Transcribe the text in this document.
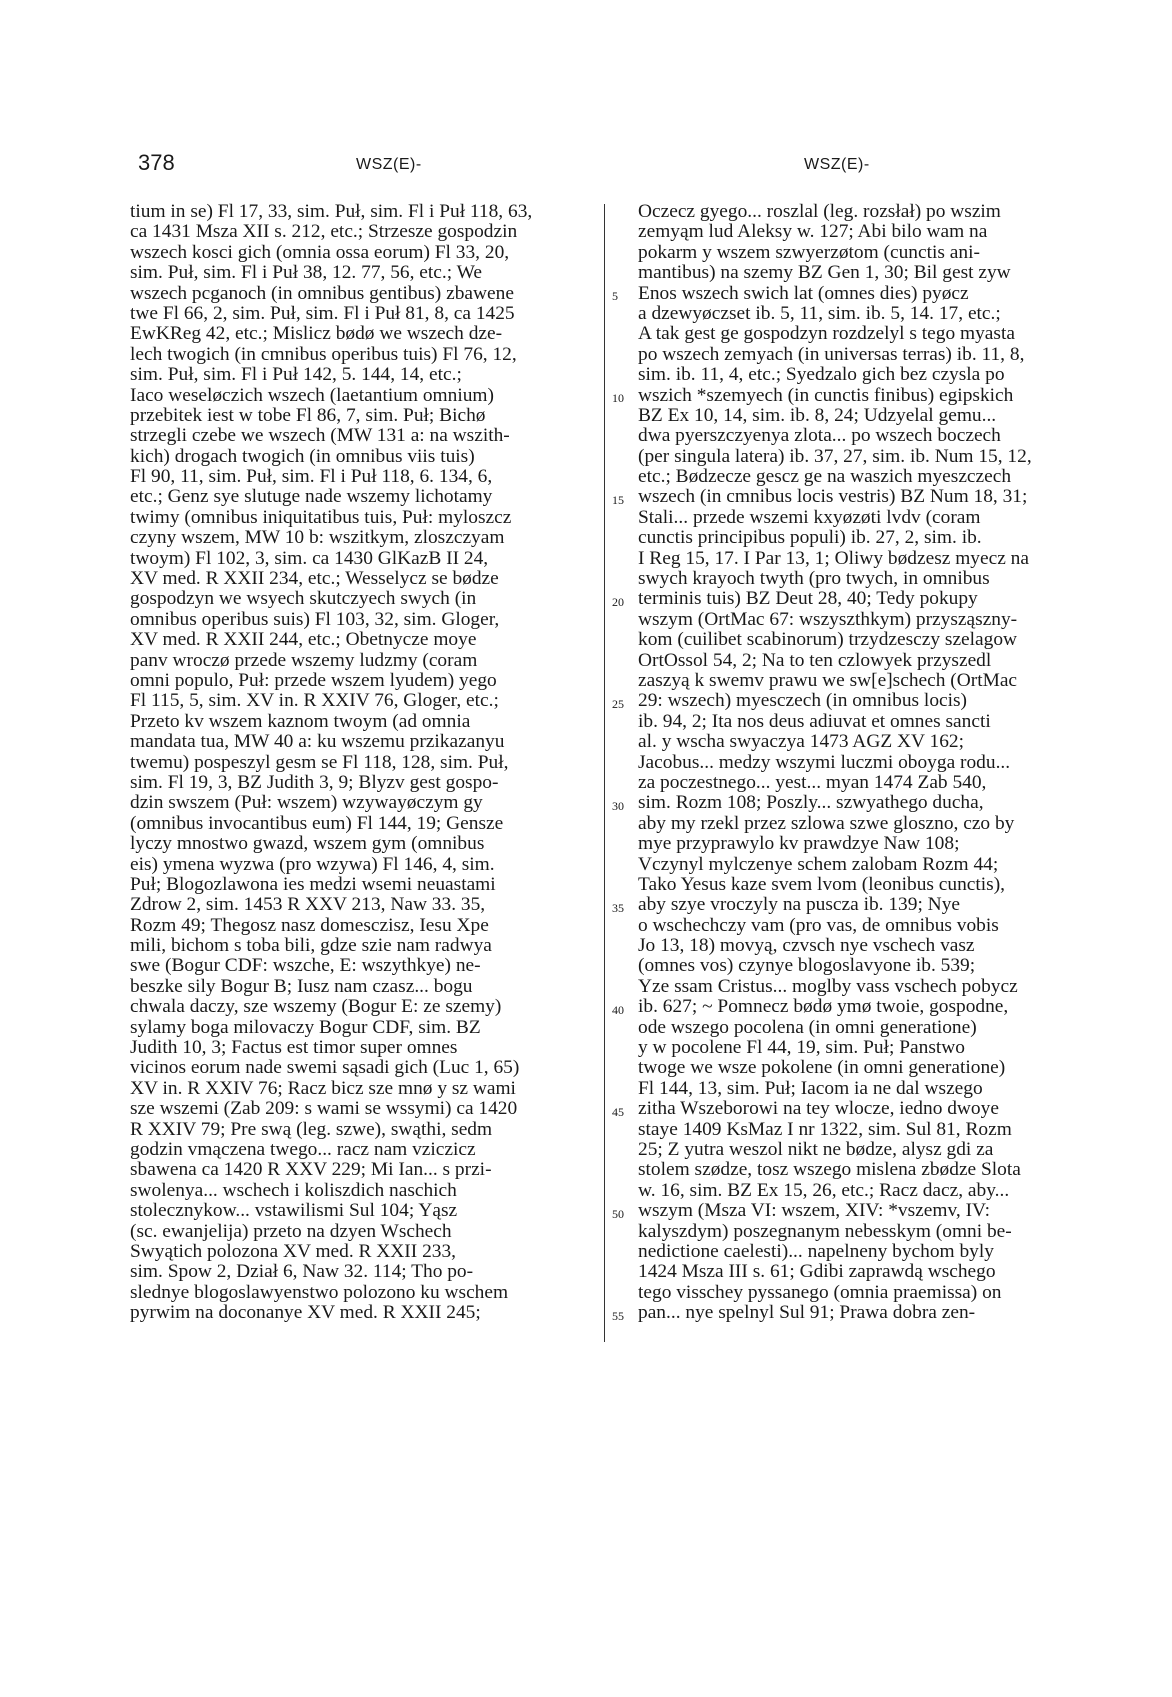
378	WSZ(E)-	WSZ(E)-
tium in se) Fl 17, 33, sim. Puł, sim. Fl i Puł 118, 63,
ca 1431 Msza XII s. 212, etc.; Strzesze gospodzin
wszech kosci gich (omnia ossa eorum) Fl 33, 20,
sim. Puł, sim. Fl i Puł 38, 12. 77, 56, etc.; We
wszech pcganoch (in omnibus gentibus) zbawene
twe Fl 66, 2, sim. Puł, sim. Fl i Puł 81, 8, ca 1425
EwKReg 42, etc.; Mislicz bødø we wszech dze-
lech twogich (in cmnibus operibus tuis) Fl 76, 12,
sim. Puł, sim. Fl i Puł 142, 5. 144, 14, etc.;
Iaco weseløczich wszech (laetantium omnium)
przebitek iest w tobe Fl 86, 7, sim. Puł; Bichø
strzegli czebe we wszech (MW 131 a: na wszith-
kich) drogach twogich (in omnibus viis tuis)
Fl 90, 11, sim. Puł, sim. Fl i Puł 118, 6. 134, 6,
etc.; Genz sye slutuge nade wszemy lichotamy
twimy (omnibus iniquitatibus tuis, Puł: myloszcz
czyny wszem, MW 10 b: wszitkym, zloszczyam
twoym) Fl 102, 3, sim. ca 1430 GlKazB II 24,
XV med. R XXII 234, etc.; Wesselycz se bødze
gospodzyn we wsyech skutczyech swych (in
omnibus operibus suis) Fl 103, 32, sim. Gloger,
XV med. R XXII 244, etc.; Obetnycze moye
panv wroczø przede wszemy ludzmy (coram
omni populo, Puł: przede wszem lyudem) yego
Fl 115, 5, sim. XV in. R XXIV 76, Gloger, etc.;
Przeto kv wszem kaznom twoym (ad omnia
mandata tua, MW 40 a: ku wszemu przikazanyu
twemu) pospeszyl gesm se Fl 118, 128, sim. Puł,
sim. Fl 19, 3, BZ Judith 3, 9; Blyzv gest gospo-
dzin swszem (Puł: wszem) wzywayøczym gy
(omnibus invocantibus eum) Fl 144, 19; Gensze
lyczy mnostwo gwazd, wszem gym (omnibus
eis) ymena wyzwa (pro wzywa) Fl 146, 4, sim.
Puł; Blogozlawona ies medzi wsemi neuastami
Zdrow 2, sim. 1453 R XXV 213, Naw 33. 35,
Rozm 49; Thegosz nasz domesczisz, Iesu Xpe
mili, bichom s toba bili, gdze szie nam radwya
swe (Bogur CDF: wszche, E: wszythkye) ne-
beszke sily Bogur B; Iusz nam czasz... bogu
chwala daczy, sze wszemy (Bogur E: ze szemy)
sylamy boga milovaczy Bogur CDF, sim. BZ
Judith 10, 3; Factus est timor super omnes
vicinos eorum nade swemi sąsadi gich (Luc 1, 65)
XV in. R XXIV 76; Racz bicz sze mnø y sz wami
sze wszemi (Zab 209: s wami se wssymi) ca 1420
R XXIV 79; Pre swą (leg. szwe), swąthi, sedm
godzin vmączena twego... racz nam vziczicz
sbawena ca 1420 R XXV 229; Mi Ian... s przi-
swolenya... wschech i koliszdich naschich
stolecznykow... vstawilismi Sul 104; Yąsz
(sc. ewanjelija) przeto na dzyen Wschech
Swyątich polozona XV med. R XXII 233,
sim. Spow 2, Dział 6, Naw 32. 114; Tho po-
slednye blogoslawyenstwo polozono ku wschem
pyrwim na doconanye XV med. R XXII 245;
5
10
15
20
25
30
35
40
45
50
55
Oczecz gyego... roszlal (leg. rozsłał) po wszim
zemyąm lud Aleksy w. 127; Abi bilo wam na
pokarm y wszem szwyerzøtom (cunctis ani-
mantibus) na szemy BZ Gen 1, 30; Bil gest zyw
Enos wszech swich lat (omnes dies) pyøcz
a dzewyøczset ib. 5, 11, sim. ib. 5, 14. 17, etc.;
A tak gest ge gospodzyn rozdzelyl s tego myasta
po wszech zemyach (in universas terras) ib. 11, 8,
sim. ib. 11, 4, etc.; Syedzalo gich bez czysla po
wszich *szemyech (in cunctis finibus) egipskich
BZ Ex 10, 14, sim. ib. 8, 24; Udzyelal gemu...
dwa pyerszczyenya zlota... po wszech boczech
(per singula latera) ib. 37, 27, sim. ib. Num 15, 12,
etc.; Bødzecze gescz ge na waszich myeszczech
wszech (in cmnibus locis vestris) BZ Num 18, 31;
Stali... przede wszemi kxyøzøti lvdv (coram
cunctis principibus populi) ib. 27, 2, sim. ib.
I Reg 15, 17. I Par 13, 1; Oliwy bødzesz myecz na
swych krayoch twyth (pro twych, in omnibus
terminis tuis) BZ Deut 28, 40; Tedy pokupy
wszym (OrtMac 67: wszyszthkym) przysząszny-
kom (cuilibet scabinorum) trzydzesczy szelagow
OrtOssol 54, 2; Na to ten czlowyek przyszedl
zaszyą k swemv prawu we sw[e]schech (OrtMac
29: wszech) myesczech (in omnibus locis)
ib. 94, 2; Ita nos deus adiuvat et omnes sancti
al. y wscha swyaczya 1473 AGZ XV 162;
Jacobus... medzy wszymi luczmi oboyga rodu...
za poczestnego... yest... myan 1474 Zab 540,
sim. Rozm 108; Poszly... szwyathego ducha,
aby my rzekl przez szlowa szwe gloszno, czo by
mye przyprawylo kv prawdzye Naw 108;
Vczynyl mylczenye schem zalobam Rozm 44;
Tako Yesus kaze svem lvom (leonibus cunctis),
aby szye vroczyly na puscza ib. 139; Nye
o wschechczy vam (pro vas, de omnibus vobis
Jo 13, 18) movyą, czvsch nye vschech vasz
(omnes vos) czynye blogoslavyone ib. 539;
Yze ssam Cristus... moglby vass vschech pobycz
ib. 627; ~ Pomnecz bødø ymø twoie, gospodne,
ode wszego pocolena (in omni generatione)
y w pocolene Fl 44, 19, sim. Puł; Panstwo
twoge we wsze pokolene (in omni generatione)
Fl 144, 13, sim. Puł; Iacom ia ne dal wszego
zitha Wszeborowi na tey wlocze, iedno dwoye
staye 1409 KsMaz I nr 1322, sim. Sul 81, Rozm
25; Z yutra weszol nikt ne bødze, alysz gdi za
stolem szødze, tosz wszego mislena zbødze Slota
w. 16, sim. BZ Ex 15, 26, etc.; Racz dacz, aby...
wszym (Msza VI: wszem, XIV: *vszemv, IV:
kalyszdym) poszegnanym nebesskym (omni be-
nedictione caelesti)... napelneny bychom byly
1424 Msza III s. 61; Gdibi zaprawdą wschego
tego visschey pyssanego (omnia praemissa) on
pan... nye spelnyl Sul 91; Prawa dobra zen-
